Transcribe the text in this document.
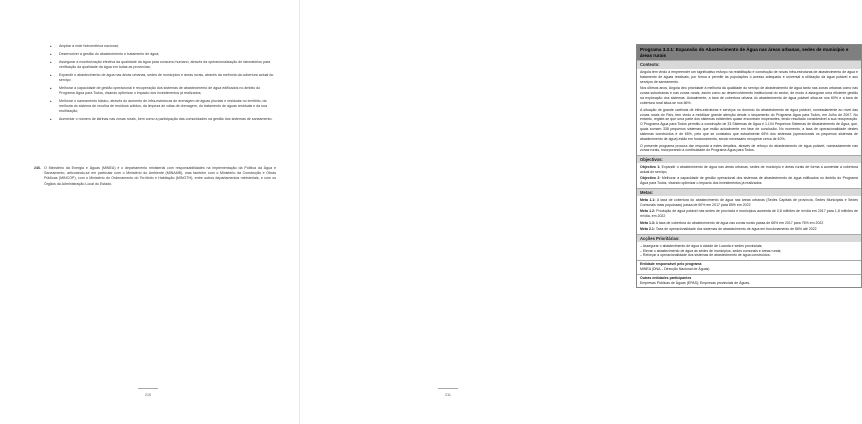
• Ampliar a rede hidrométrica nacional;
• Desenvolver a gestão do abastecimento e tratamento de água;
• Assegurar a monitorização efectiva da qualidade da água para consumo humano, através da operacionalização de laboratórios para verificação da qualidade da água em todas as províncias;
• Expandir o abastecimento de água nas áreas urbanas, sedes de municípios e áreas rurais, através da melhoria da cobertura actual do serviço;
• Melhorar a capacidade de gestão operacional e recuperação dos sistemas de abastecimento de água edificados no âmbito do Programa Água para Todos, visando optimizar o impacto dos investimentos já realizados;
• Melhorar o saneamento básico, através do aumento de infra-estruturas de drenagem de águas pluviais e residuais no territótio, da melhoria do sistema de recolha de resíduos sólidos, da limpeza de valas de drenagem, do tratamento de águas residuais e da sua reutilização;
• Aumentar o número de latrinas nas zonas rurais, bem como a participação das comunidades na gestão dos sistemas de saneamento.
246. O Ministério da Energia e Águas (MINEA) é o departamento ministerial com responsabilidades na implementação da Política da Água e Saneamento, articulando-se em particular com o Ministério do Ambiente (MINAMB), mas também com o Ministério da Construção e Obras Públicas (MINCOP), com o Ministério do Ordenamento do Território e Habitação (MINOTH), entre outros departamentos ministeriais, e com os Órgãos da Administração Local do Estado.
210
Programa 3.3.1: Expansão do Abastecimento de Água nas áreas urbanas, sedes de município e áreas rurais
Contexto:

Angola tem vindo a empreender um significativo esforço na reabilitação e construção de novas infra-estruturas de abastecimento de água e tratamento de águas residuais, por forma a permitir às populações o acesso adequado e universal à utilização da água potável e aos serviços de saneamento.

Nos últimos anos, Angola deu prioridade à melhoria da qualidade do serviço de abastecimento de água tanto nas zonas urbanas como nas zonas suburbanas e nas zonas rurais, assim como ao desenvolvimento institucional do sector, de modo a assegurar uma eficiente gestão na exploração dos sistemas. Actualmente, a taxa de cobertura urbana do abastecimento de água potável situa-se nos 60% e a taxa de cobertura rural situa-se nos 66%.

A situação de grande carência de infra-estruturas e serviços no domínio do abastecimento de água potável, nomeadamente ao nível das zonas rurais do País, tem vindo a mobilizar grande atenção desde o lançamento do Programa Água para Todos, em Julho de 2007. No entanto, registe-se que uma parte dos sistemas existentes quase encontram inoperantes, tendo resultado considerável a sua recuperação. O Programa Água para Todos permitiu a construção de 33 Sistemas de Água e 1.104 Pequenos Sistemas de Abastecimento de Água, que, quais somam 338 pequenos sistemas que estão actualmente em fase de conclusão. No momento, a taxa de operacionalidade destes sistemas construídos é de 65%, pelo que se constatou que actualmente 65% dos sistemas (operacionais os pequenos sistemas de abastecimento de água) estão em funcionamento, sendo necessário recuperar cerca de 40%.

O presente programa procura dar resposta a estes desafios, através de reforço do abastecimento de água potável, nomeadamente nas zonas rurais, incorporando a continuidade do Programa Água para Todos.

Objectivos:

Objectivo 1: Expandir o abastecimento de água nas áreas urbanas, sedes de município e áreas rurais de forma a aumentar a cobertura actual do serviço;

Objectivo 2: Melhorar a capacidade de gestão operacional dos sistemas de abastecimento de água edificados no âmbito do Programa Água para Todos, visando optimizar o impacto dos investimentos já realizados.

Metas:

Meta 1.1: A taxa de cobertura do abastecimento de água nas áreas urbanas (Sedes Capitais de província, Sedes Municipais e Sedes Comunais mais populosas) passa de 60% em 2017 para 85% em 2022

Meta 1.2: Produção de água potável nas sedes de província e municípios aumenta de 0,8 milhões de m³/dia em 2017 para 1,8 milhões de m³/dia, em 2022

Meta 1.3: A taxa de cobertura do abastecimento de água nas zonas rurais passa de 66% em 2017 para 76% em 2022

Meta 2.1: Taxa de operacionalidade dos sistemas de abastecimento de água em funcionamento de 86% até 2022

Acções Prioritárias:
– Assegurar o abastecimento de água à cidade de Luanda e sedes provinciais;
– Elevar o abastecimento de água às sedes de municípios, sedes comunais e áreas rurais;
– Reforçar a operacionalidade dos sistemas de abastecimento de água construídos.
Entidade responsável pelo programa
MINEA (DNA – Direcção Nacional de Águas)
Outras entidades participantes
Empresas Públicas de Águas (EPAS); Empresas provinciais de Águas.
211
